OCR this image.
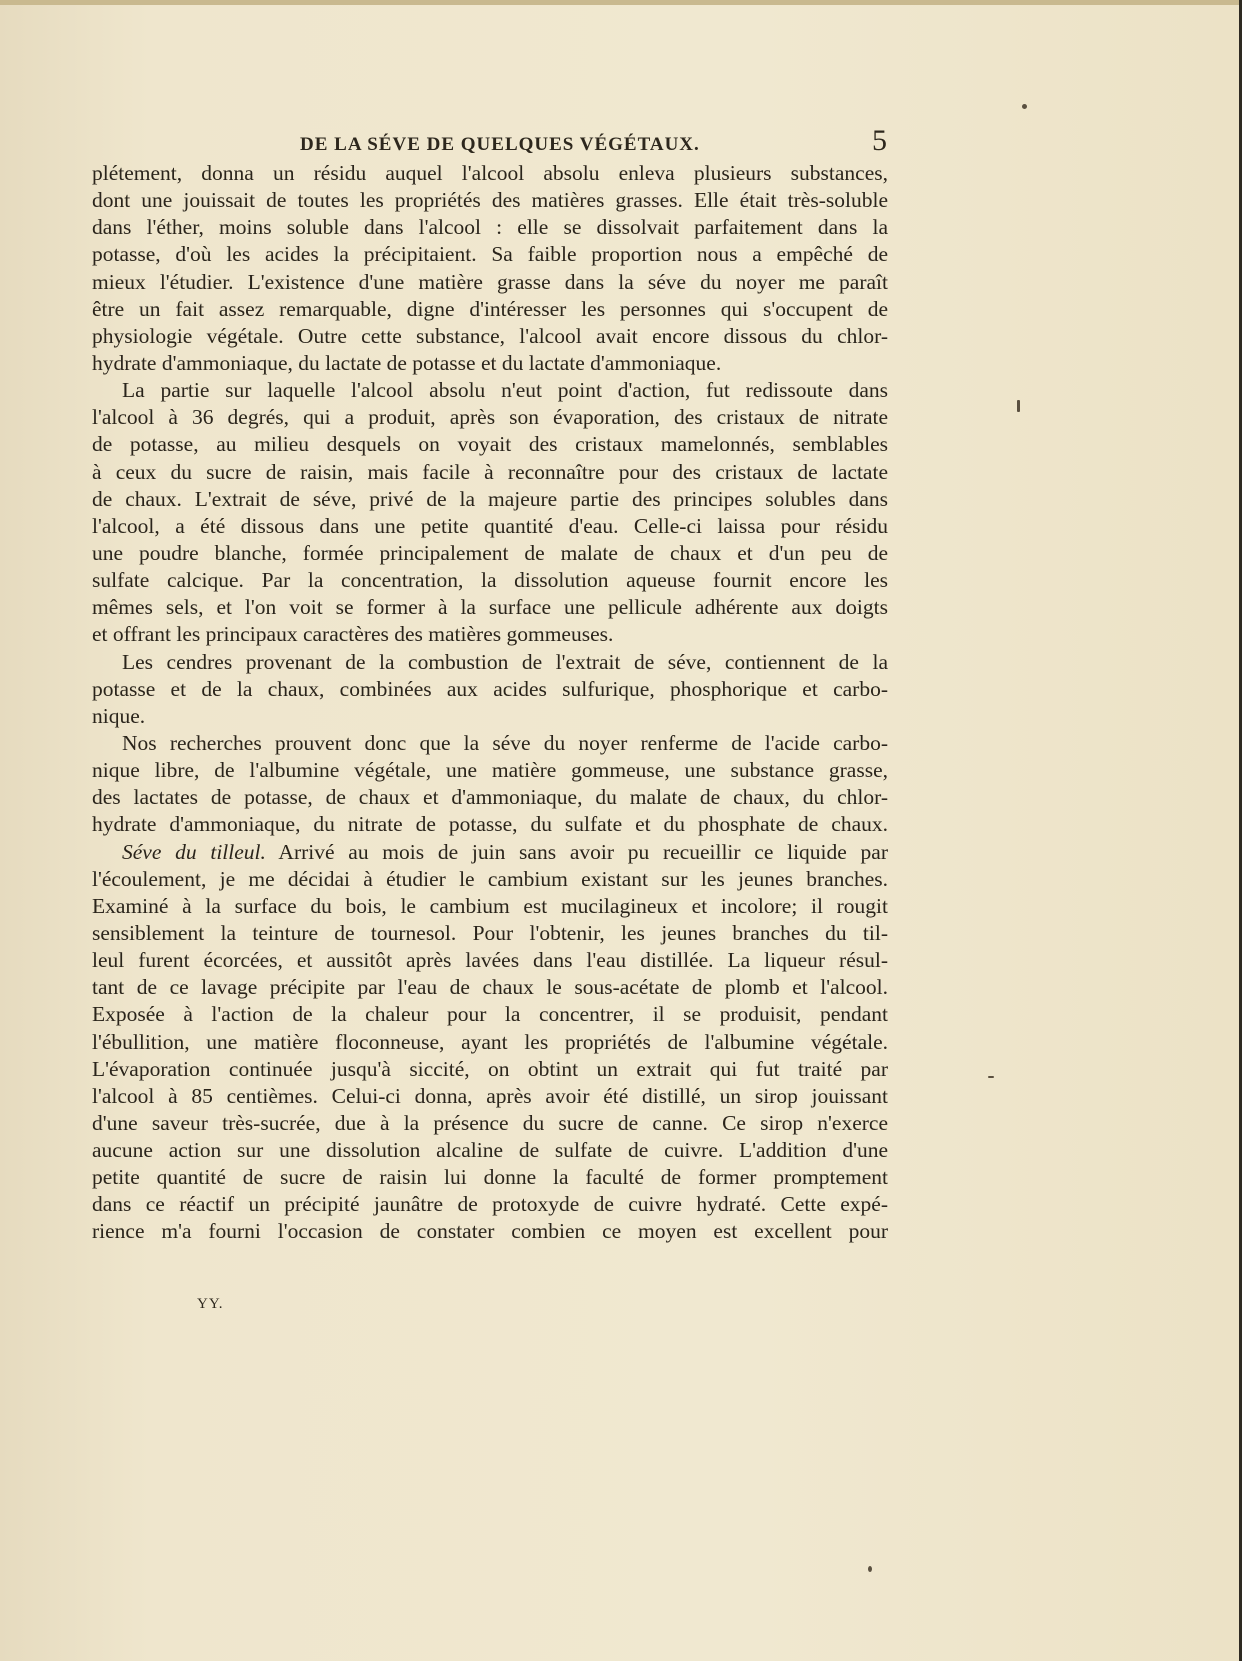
DE LA SÉVE DE QUELQUES VÉGÉTAUX.	5
plétement, donna un résidu auquel l'alcool absolu enleva plusieurs substances,
dont une jouissait de toutes les propriétés des matières grasses. Elle était très-soluble
dans l'éther, moins soluble dans l'alcool : elle se dissolvait parfaitement dans la
potasse, d'où les acides la précipitaient. Sa faible proportion nous a empêché de
mieux l'étudier. L'existence d'une matière grasse dans la séve du noyer me paraît
être un fait assez remarquable, digne d'intéresser les personnes qui s'occupent de
physiologie végétale. Outre cette substance, l'alcool avait encore dissous du chlor-
hydrate d'ammoniaque, du lactate de potasse et du lactate d'ammoniaque.
La partie sur laquelle l'alcool absolu n'eut point d'action, fut redissoute dans
l'alcool à 36 degrés, qui a produit, après son évaporation, des cristaux de nitrate
de potasse, au milieu desquels on voyait des cristaux mamelonnés, semblables
à ceux du sucre de raisin, mais facile à reconnaître pour des cristaux de lactate
de chaux. L'extrait de séve, privé de la majeure partie des principes solubles dans
l'alcool, a été dissous dans une petite quantité d'eau. Celle-ci laissa pour résidu
une poudre blanche, formée principalement de malate de chaux et d'un peu de
sulfate calcique. Par la concentration, la dissolution aqueuse fournit encore les
mêmes sels, et l'on voit se former à la surface une pellicule adhérente aux doigts
et offrant les principaux caractères des matières gommeuses.
Les cendres provenant de la combustion de l'extrait de séve, contiennent de la
potasse et de la chaux, combinées aux acides sulfurique, phosphorique et carbo-
nique.
Nos recherches prouvent donc que la séve du noyer renferme de l'acide carbo-
nique libre, de l'albumine végétale, une matière gommeuse, une substance grasse,
des lactates de potasse, de chaux et d'ammoniaque, du malate de chaux, du chlor-
hydrate d'ammoniaque, du nitrate de potasse, du sulfate et du phosphate de chaux.
Séve du tilleul. Arrivé au mois de juin sans avoir pu recueillir ce liquide par
l'écoulement, je me décidai à étudier le cambium existant sur les jeunes branches.
Examiné à la surface du bois, le cambium est mucilagineux et incolore; il rougit
sensiblement la teinture de tournesol. Pour l'obtenir, les jeunes branches du til-
leul furent écorcées, et aussitôt après lavées dans l'eau distillée. La liqueur résul-
tant de ce lavage précipite par l'eau de chaux le sous-acétate de plomb et l'alcool.
Exposée à l'action de la chaleur pour la concentrer, il se produisit, pendant
l'ébullition, une matière floconneuse, ayant les propriétés de l'albumine végétale.
L'évaporation continuée jusqu'à siccité, on obtint un extrait qui fut traité par
l'alcool à 85 centièmes. Celui-ci donna, après avoir été distillé, un sirop jouissant
d'une saveur très-sucrée, due à la présence du sucre de canne. Ce sirop n'exerce
aucune action sur une dissolution alcaline de sulfate de cuivre. L'addition d'une
petite quantité de sucre de raisin lui donne la faculté de former promptement
dans ce réactif un précipité jaunâtre de protoxyde de cuivre hydraté. Cette expé-
rience m'a fourni l'occasion de constater combien ce moyen est excellent pour
YY.
